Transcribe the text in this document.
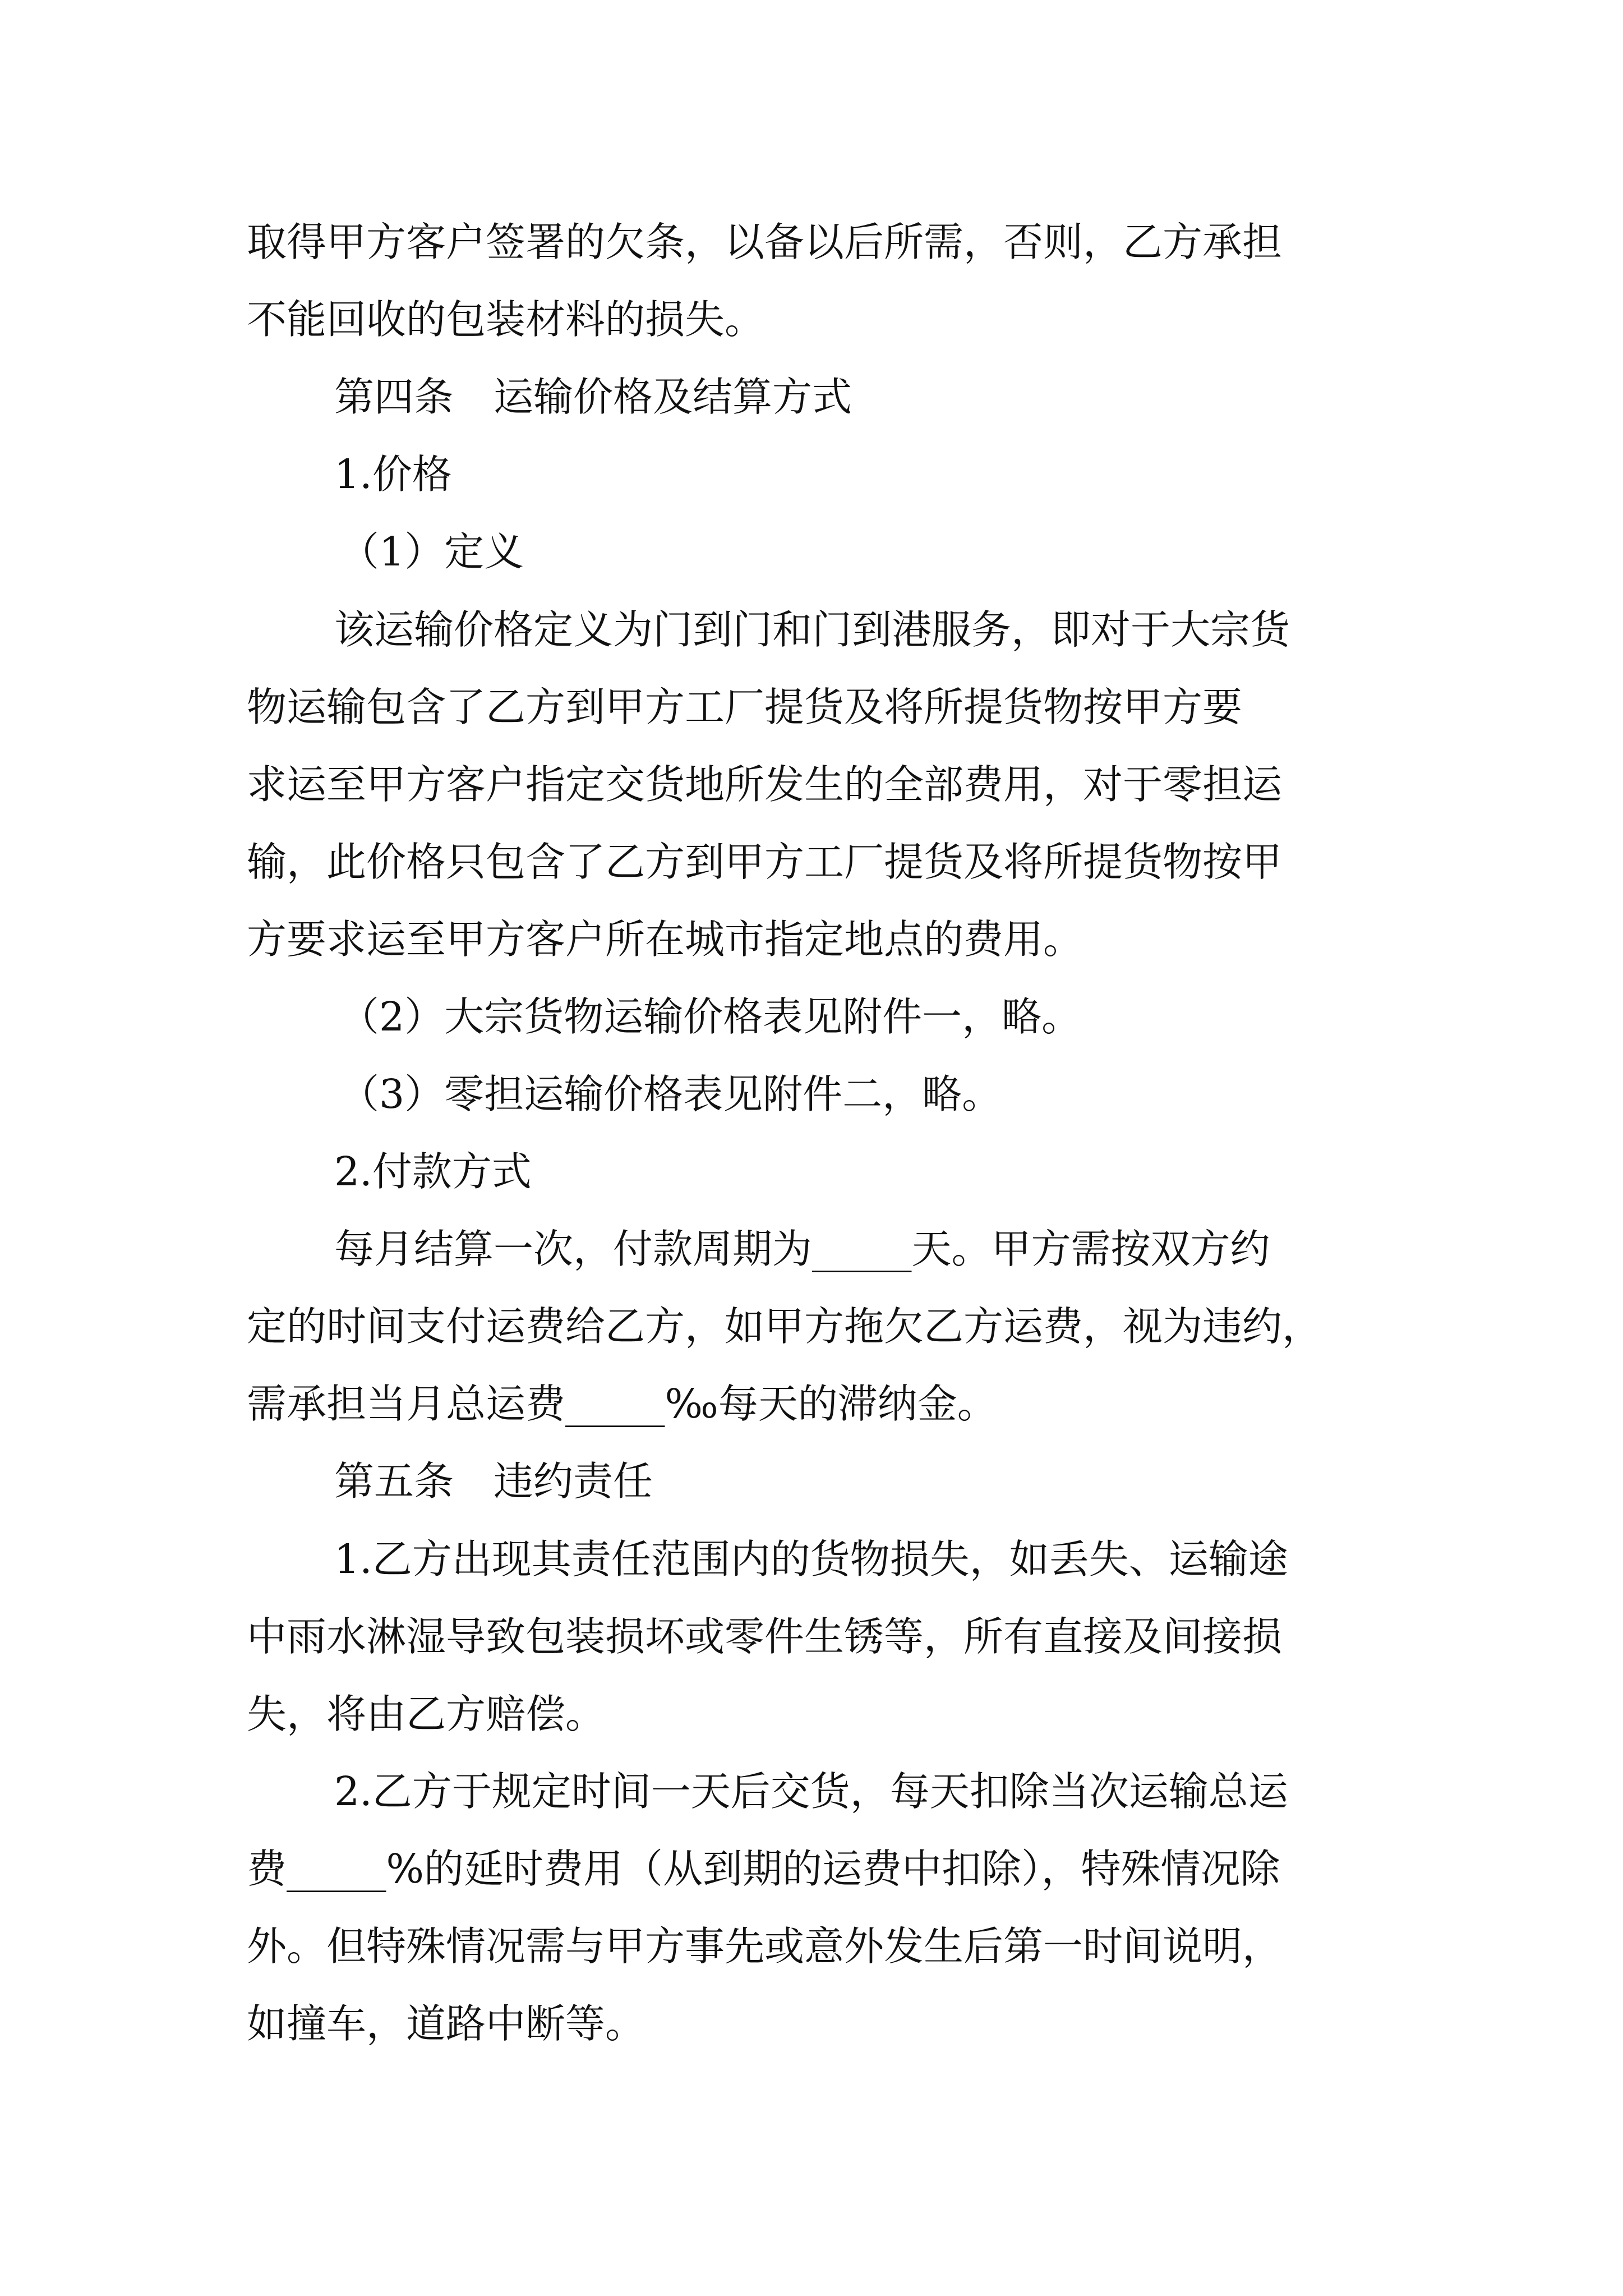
取得甲方客户签署的欠条，以备以后所需，否则，乙方承担
不能回收的包装材料的损失。
第四条　运输价格及结算方式
1.价格
（1）定义
该运输价格定义为门到门和门到港服务，即对于大宗货
物运输包含了乙方到甲方工厂提货及将所提货物按甲方要
求运至甲方客户指定交货地所发生的全部费用，对于零担运
输，此价格只包含了乙方到甲方工厂提货及将所提货物按甲
方要求运至甲方客户所在城市指定地点的费用。
（2）大宗货物运输价格表见附件一，略。
（3）零担运输价格表见附件二，略。
2.付款方式
每月结算一次，付款周期为_____天。甲方需按双方约
定的时间支付运费给乙方，如甲方拖欠乙方运费，视为违约，
需承担当月总运费_____‰每天的滞纳金。
第五条　违约责任
1.乙方出现其责任范围内的货物损失，如丢失、运输途
中雨水淋湿导致包装损坏或零件生锈等，所有直接及间接损
失，将由乙方赔偿。
2.乙方于规定时间一天后交货，每天扣除当次运输总运
费_____%的延时费用（从到期的运费中扣除），特殊情况除
外。但特殊情况需与甲方事先或意外发生后第一时间说明，
如撞车，道路中断等。
